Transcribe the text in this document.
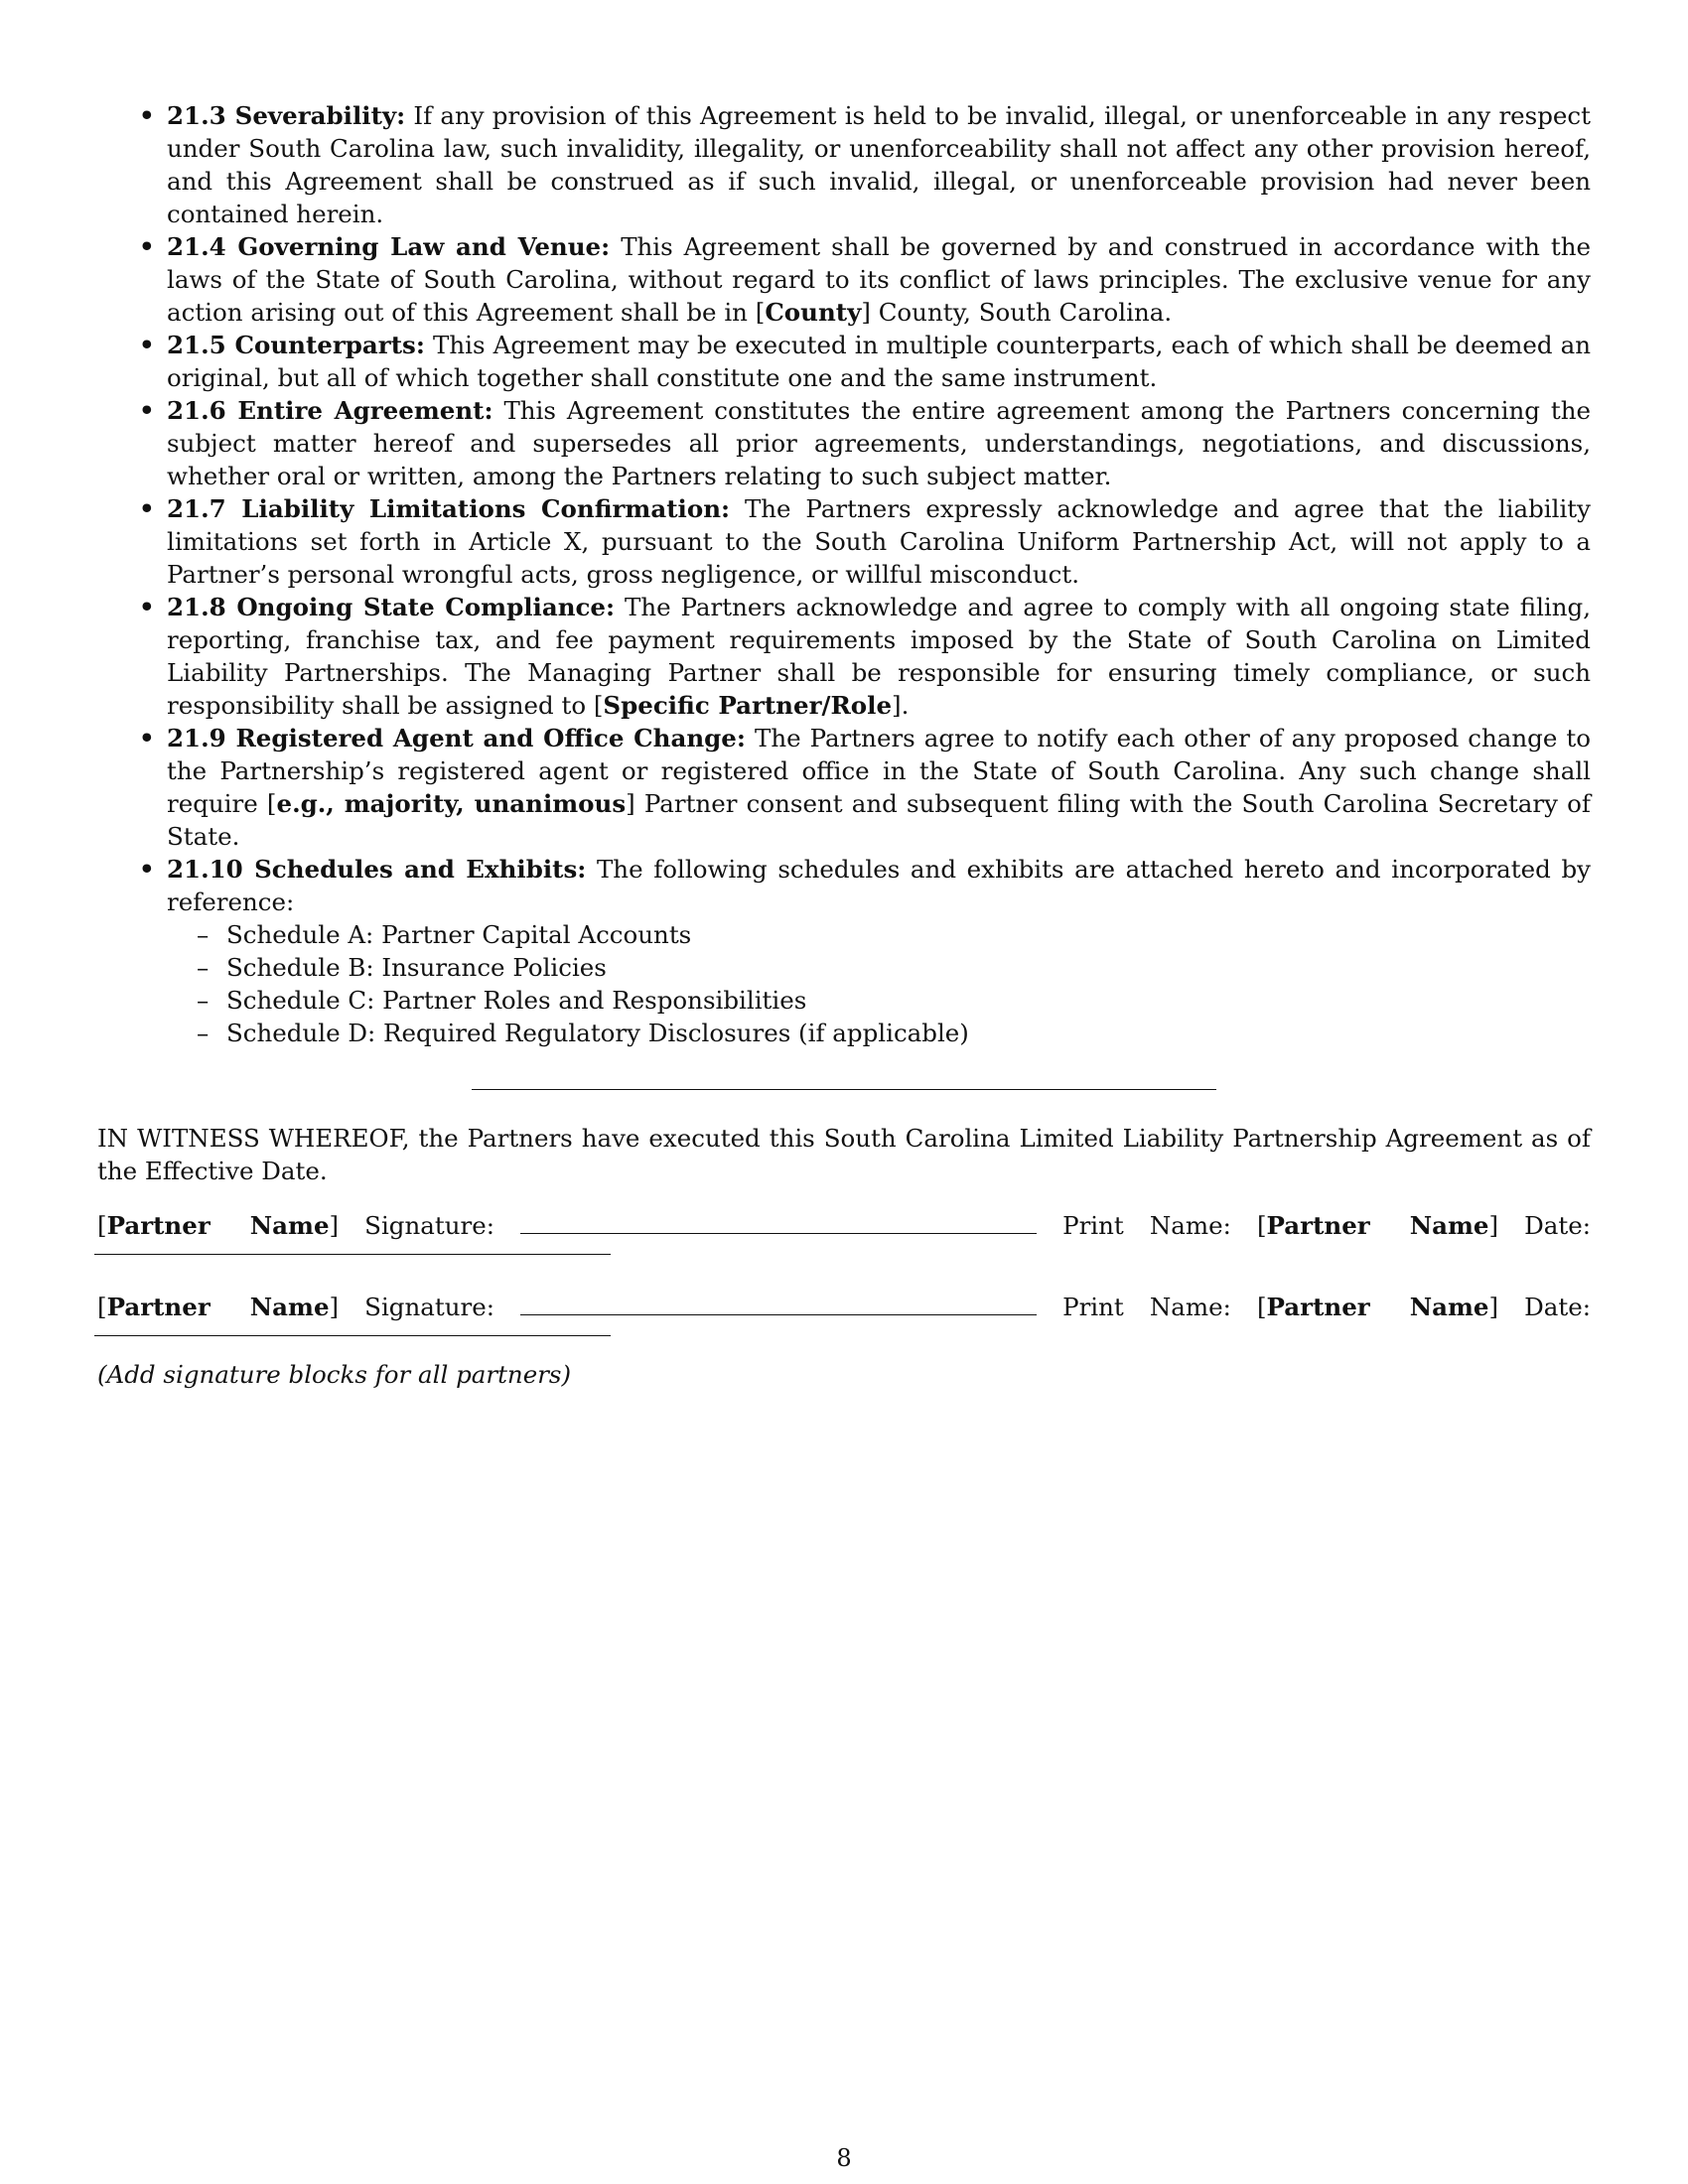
• 21.3 Severability: If any provision of this Agreement is held to be invalid, illegal, or unenforceable in any respect under South Carolina law, such invalidity, illegality, or unenforceability shall not affect any other provision hereof, and this Agreement shall be construed as if such invalid, illegal, or unenforceable provision had never been contained herein.
• 21.4 Governing Law and Venue: This Agreement shall be governed by and construed in accordance with the laws of the State of South Carolina, without regard to its conflict of laws principles. The exclusive venue for any action arising out of this Agreement shall be in [County] County, South Carolina.
• 21.5 Counterparts: This Agreement may be executed in multiple counterparts, each of which shall be deemed an original, but all of which together shall constitute one and the same instrument.
• 21.6 Entire Agreement: This Agreement constitutes the entire agreement among the Partners concerning the subject matter hereof and supersedes all prior agreements, understandings, negotiations, and discussions, whether oral or written, among the Partners relating to such subject matter.
• 21.7 Liability Limitations Confirmation: The Partners expressly acknowledge and agree that the liability limitations set forth in Article X, pursuant to the South Carolina Uniform Partnership Act, will not apply to a Partner’s personal wrongful acts, gross negligence, or willful misconduct.
• 21.8 Ongoing State Compliance: The Partners acknowledge and agree to comply with all ongoing state filing, reporting, franchise tax, and fee payment requirements imposed by the State of South Carolina on Limited Liability Partnerships. The Managing Partner shall be responsible for ensuring timely compliance, or such responsibility shall be assigned to [Specific Partner/Role].
• 21.9 Registered Agent and Office Change: The Partners agree to notify each other of any proposed change to the Partnership’s registered agent or registered office in the State of South Carolina. Any such change shall require [e.g., majority, unanimous] Partner consent and subsequent filing with the South Carolina Secretary of State.
• 21.10 Schedules and Exhibits: The following schedules and exhibits are attached hereto and incorporated by reference:
– Schedule A: Partner Capital Accounts
– Schedule B: Insurance Policies
– Schedule C: Partner Roles and Responsibilities
– Schedule D: Required Regulatory Disclosures (if applicable)
IN WITNESS WHEREOF, the Partners have executed this South Carolina Limited Liability Partnership Agreement as of the Effective Date.
[Partner Name] Signature:	Print Name: [Partner Name] Date:
[Partner Name] Signature:	Print Name: [Partner Name] Date:
(Add signature blocks for all partners)
8
